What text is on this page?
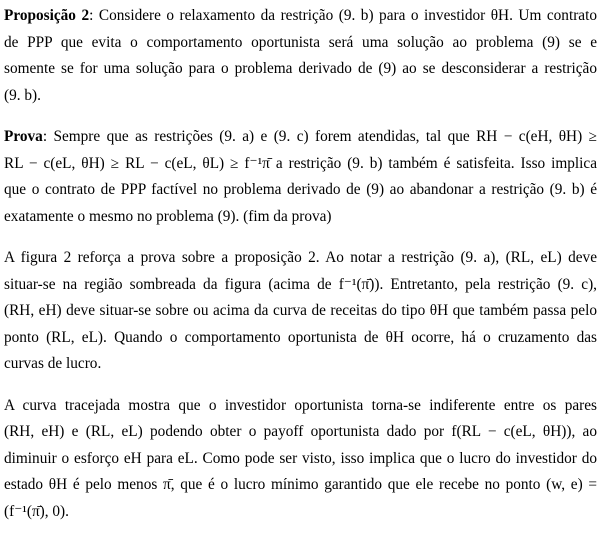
Proposição 2: Considere o relaxamento da restrição (9. b) para o investidor θH. Um contrato
de PPP que evita o comportamento oportunista será uma solução ao problema (9) se e
somente se for uma solução para o problema derivado de (9) ao se desconsiderar a restrição
(9. b).

Prova: Sempre que as restrições (9. a) e (9. c) forem atendidas, tal que RH − c(eH, θH) ≥
RL − c(eL, θH) ≥ RL − c(eL, θL) ≥ f⁻¹π̄ a restrição (9. b) também é satisfeita. Isso implica
que o contrato de PPP factível no problema derivado de (9) ao abandonar a restrição (9. b) é
exatamente o mesmo no problema (9). (fim da prova)

A figura 2 reforça a prova sobre a proposição 2. Ao notar a restrição (9. a), (RL, eL) deve
situar-se na região sombreada da figura (acima de f⁻¹(π̄)). Entretanto, pela restrição (9. c),
(RH, eH) deve situar-se sobre ou acima da curva de receitas do tipo θH que também passa pelo
ponto (RL, eL). Quando o comportamento oportunista de θH ocorre, há o cruzamento das
curvas de lucro.

A curva tracejada mostra que o investidor oportunista torna-se indiferente entre os pares
(RH, eH) e (RL, eL) podendo obter o payoff oportunista dado por f(RL − c(eL, θH)), ao
diminuir o esforço eH para eL. Como pode ser visto, isso implica que o lucro do investidor do
estado θH é pelo menos π̄, que é o lucro mínimo garantido que ele recebe no ponto (w, e) =
(f⁻¹(π̄), 0).
